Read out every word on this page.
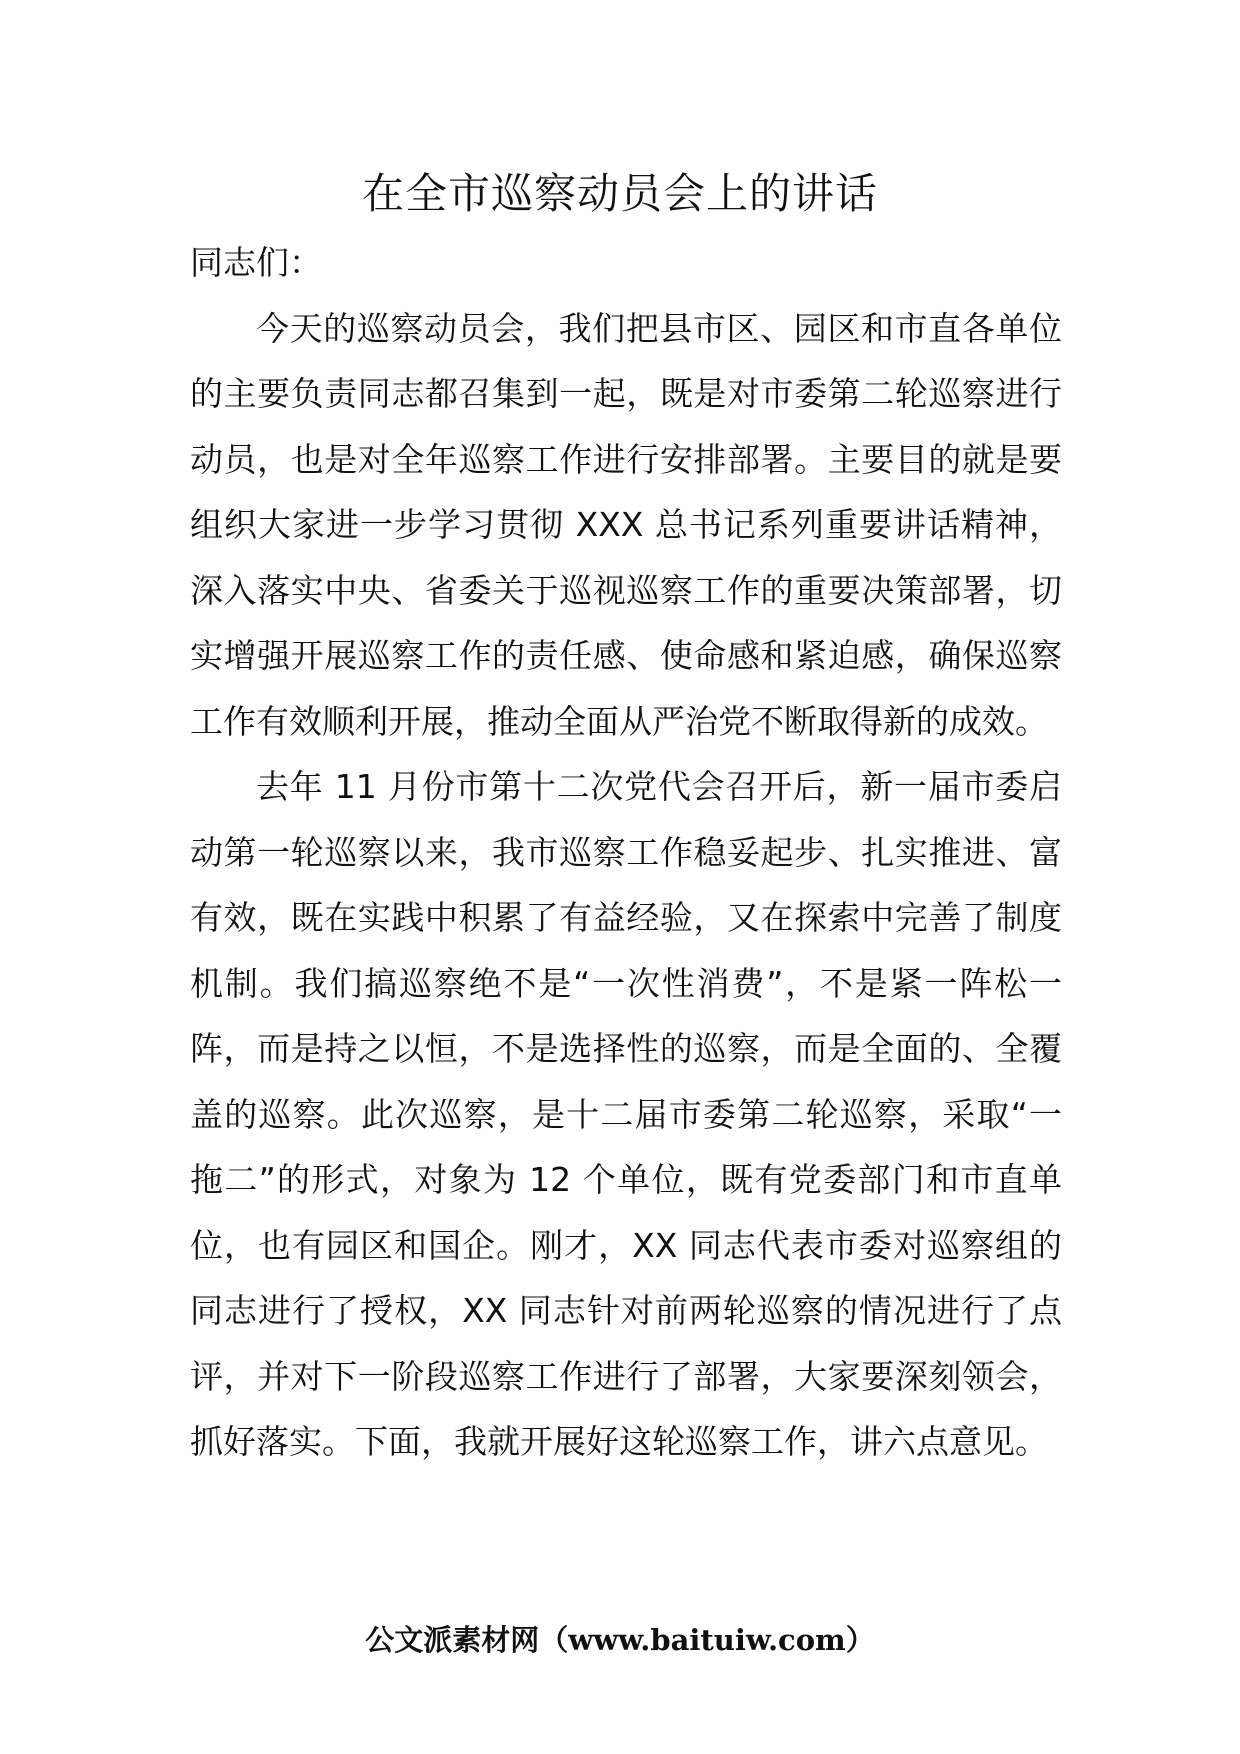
在全市巡察动员会上的讲话

同志们：

今天的巡察动员会，我们把县市区、园区和市直各单位的主要负责同志都召集到一起，既是对市委第二轮巡察进行动员，也是对全年巡察工作进行安排部署。主要目的就是要组织大家进一步学习贯彻 XXX 总书记系列重要讲话精神，深入落实中央、省委关于巡视巡察工作的重要决策部署，切实增强开展巡察工作的责任感、使命感和紧迫感，确保巡察工作有效顺利开展，推动全面从严治党不断取得新的成效。

去年 11 月份市第十二次党代会召开后，新一届市委启动第一轮巡察以来，我市巡察工作稳妥起步、扎实推进、富有效，既在实践中积累了有益经验，又在探索中完善了制度机制。我们搞巡察绝不是“一次性消费”，不是紧一阵松一阵，而是持之以恒，不是选择性的巡察，而是全面的、全覆盖的巡察。此次巡察，是十二届市委第二轮巡察，采取“一拖二”的形式，对象为 12 个单位，既有党委部门和市直单位，也有园区和国企。刚才，XX 同志代表市委对巡察组的同志进行了授权，XX 同志针对前两轮巡察的情况进行了点评，并对下一阶段巡察工作进行了部署，大家要深刻领会，抓好落实。下面，我就开展好这轮巡察工作，讲六点意见。

公文派素材网（www.baituiw.com）
